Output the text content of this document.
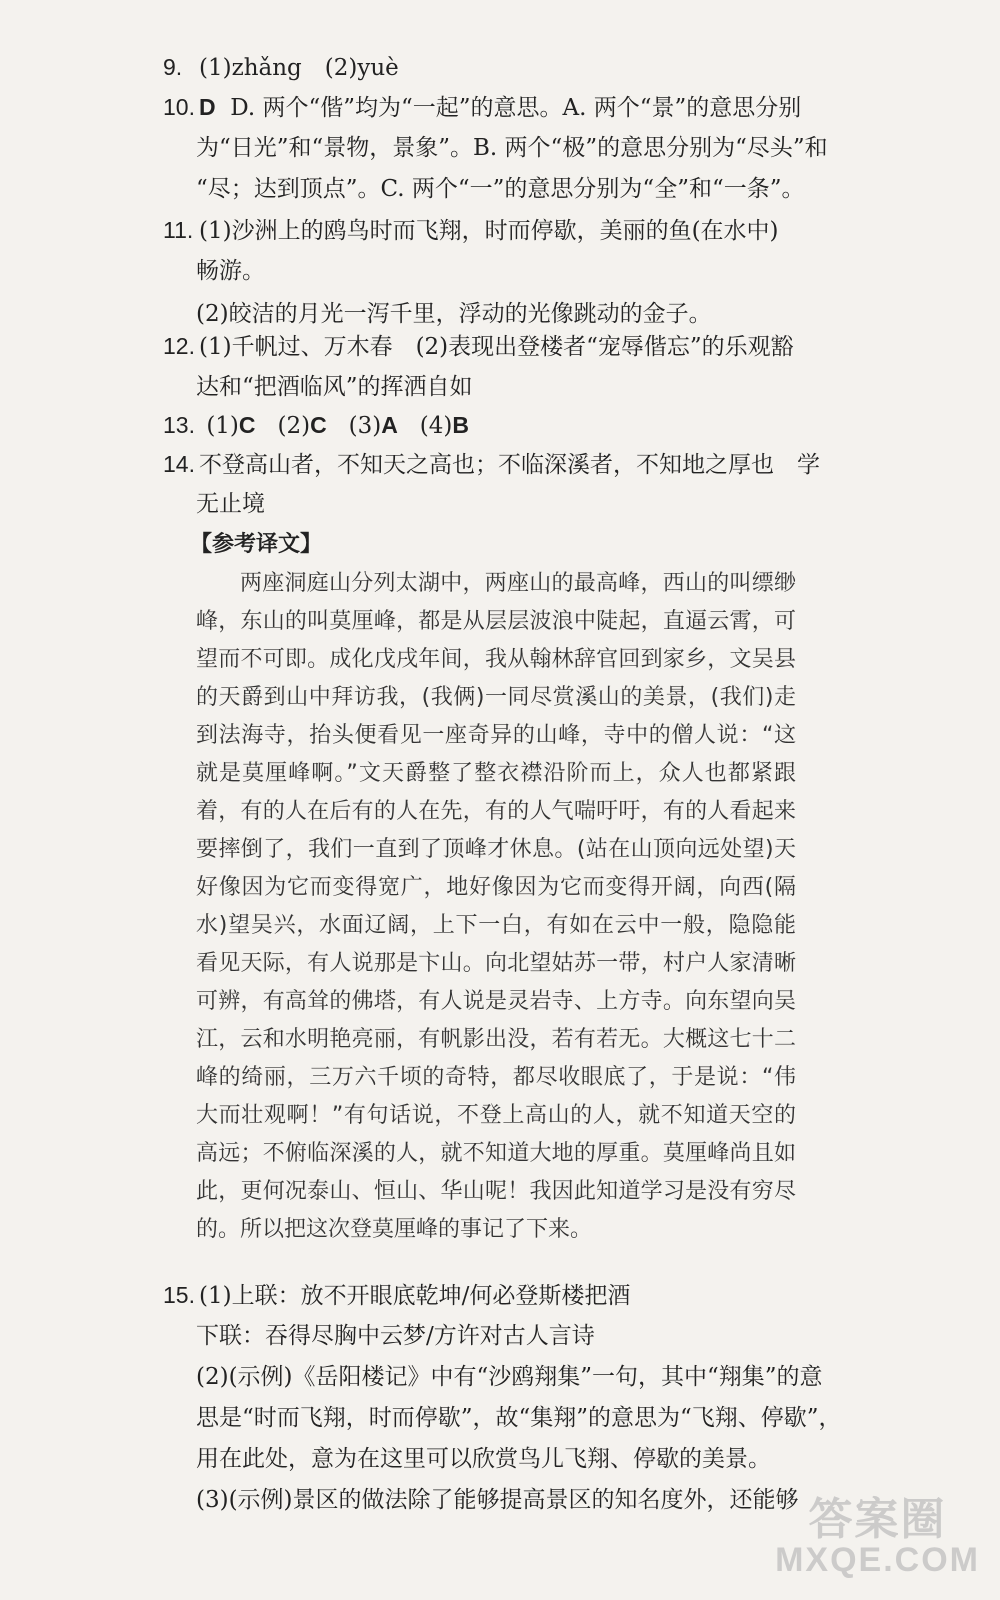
9. (1)zhǎng　(2)yuè
10. D D. 两个“偕”均为“一起”的意思。A. 两个“景”的意思分别
为“日光”和“景物，景象”。B. 两个“极”的意思分别为“尽头”和
“尽；达到顶点”。C. 两个“一”的意思分别为“全”和“一条”。
11. (1)沙洲上的鸥鸟时而飞翔，时而停歇，美丽的鱼(在水中)
畅游。
(2)皎洁的月光一泻千里，浮动的光像跳动的金子。
12. (1)千帆过、万木春　(2)表现出登楼者“宠辱偕忘”的乐观豁
达和“把酒临风”的挥洒自如
13. (1)C (2)C (3)A (4)B
14. 不登高山者，不知天之高也；不临深溪者，不知地之厚也　学
无止境
【参考译文】

两座洞庭山分列太湖中，两座山的最高峰，西山的叫缥缈峰，东山的叫莫厘峰，都是从层层波浪中陡起，直逼云霄，可望而不可即。成化戊戌年间，我从翰林辞官回到家乡，文吴县的天爵到山中拜访我，(我俩)一同尽赏溪山的美景，(我们)走到法海寺，抬头便看见一座奇异的山峰，寺中的僧人说：“这就是莫厘峰啊。”文天爵整了整衣襟沿阶而上，众人也都紧跟着，有的人在后有的人在先，有的人气喘吁吁，有的人看起来要摔倒了，我们一直到了顶峰才休息。(站在山顶向远处望)天好像因为它而变得宽广，地好像因为它而变得开阔，向西(隔水)望吴兴，水面辽阔，上下一白，有如在云中一般，隐隐能看见天际，有人说那是卞山。向北望姑苏一带，村户人家清晰可辨，有高耸的佛塔，有人说是灵岩寺、上方寺。向东望向吴江，云和水明艳亮丽，有帆影出没，若有若无。大概这七十二峰的绮丽，三万六千顷的奇特，都尽收眼底了，于是说：“伟大而壮观啊！”有句话说，不登上高山的人，就不知道天空的高远；不俯临深溪的人，就不知道大地的厚重。莫厘峰尚且如此，更何况泰山、恒山、华山呢！我因此知道学习是没有穷尽的。所以把这次登莫厘峰的事记了下来。

15. (1)上联：放不开眼底乾坤/何必登斯楼把酒
下联：吞得尽胸中云梦/方许对古人言诗
(2)(示例)《岳阳楼记》中有“沙鸥翔集”一句，其中“翔集”的意
思是“时而飞翔，时而停歇”，故“集翔”的意思为“飞翔、停歇”，
用在此处，意为在这里可以欣赏鸟儿飞翔、停歇的美景。
(3)(示例)景区的做法除了能够提高景区的知名度外，还能够 答案圈
MXQE.COM
